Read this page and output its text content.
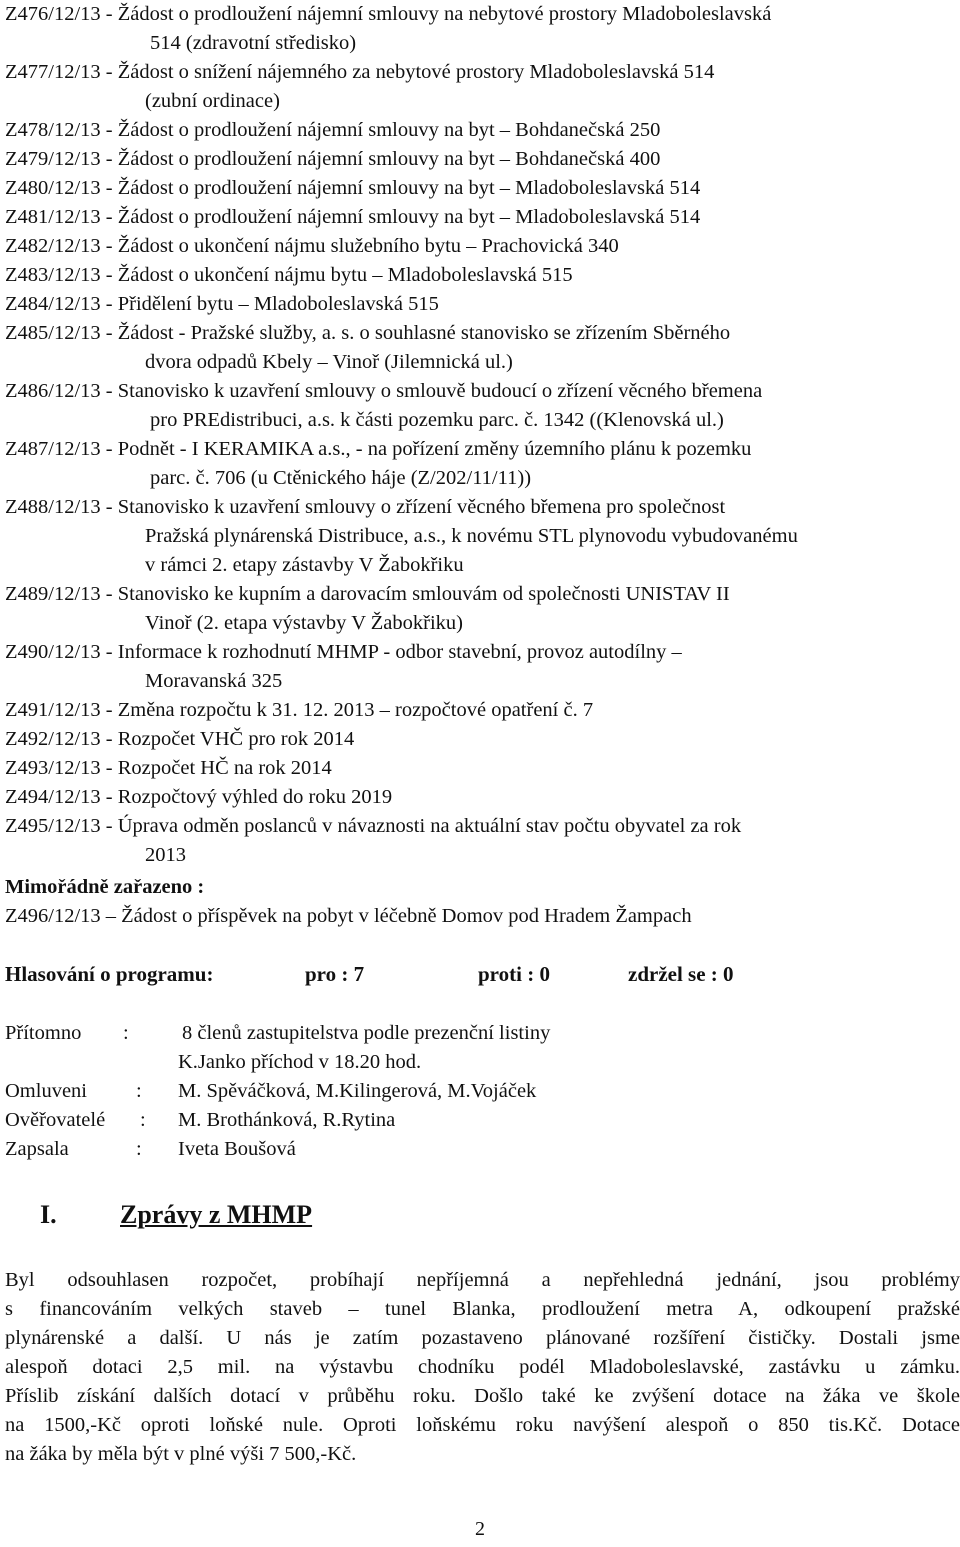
Z476/12/13 - Žádost o prodloužení nájemní smlouvy na nebytové prostory Mladoboleslavská
514 (zdravotní středisko)
Z477/12/13 - Žádost o snížení nájemného za nebytové prostory Mladoboleslavská 514
(zubní ordinace)
Z478/12/13 - Žádost o prodloužení nájemní smlouvy na byt – Bohdanečská 250
Z479/12/13 - Žádost o prodloužení nájemní smlouvy na byt – Bohdanečská 400
Z480/12/13 - Žádost o prodloužení nájemní smlouvy na byt – Mladoboleslavská 514
Z481/12/13 - Žádost o prodloužení nájemní smlouvy na byt – Mladoboleslavská 514
Z482/12/13 - Žádost o ukončení nájmu služebního bytu – Prachovická 340
Z483/12/13 - Žádost o ukončení nájmu bytu – Mladoboleslavská 515
Z484/12/13 - Přidělení bytu – Mladoboleslavská 515
Z485/12/13 - Žádost - Pražské služby, a. s. o souhlasné stanovisko se zřízením Sběrného
dvora odpadů Kbely – Vinoř (Jilemnická ul.)
Z486/12/13 - Stanovisko k uzavření smlouvy o smlouvě budoucí o zřízení věcného břemena
pro PREdistribuci, a.s. k části pozemku parc. č. 1342 ((Klenovská ul.)
Z487/12/13 - Podnět - I KERAMIKA a.s., - na pořízení změny územního plánu k pozemku
parc. č. 706 (u Ctěnického háje (Z/202/11/11))
Z488/12/13 - Stanovisko k uzavření smlouvy o zřízení věcného břemena pro společnost
Pražská plynárenská Distribuce, a.s., k novému STL plynovodu vybudovanému
v rámci 2. etapy zástavby V Žabokřiku
Z489/12/13 - Stanovisko ke kupním a darovacím smlouvám od společnosti UNISTAV II
Vinoř (2. etapa výstavby V Žabokřiku)
Z490/12/13 - Informace k rozhodnutí MHMP - odbor stavební, provoz autodílny –
Moravanská 325
Z491/12/13 - Změna rozpočtu k 31. 12. 2013 – rozpočtové opatření č. 7
Z492/12/13 - Rozpočet VHČ pro rok 2014
Z493/12/13 - Rozpočet HČ na rok 2014
Z494/12/13 - Rozpočtový výhled do roku 2019
Z495/12/13 - Úprava odměn poslanců v návaznosti na aktuální stav počtu obyvatel za rok
2013
Mimořádně zařazeno :
Z496/12/13 – Žádost o příspěvek na pobyt v léčebně Domov pod Hradem Žampach
Hlasování o programu:	pro : 7	proti : 0	zdržel se : 0
Přítomno :	8 členů zastupitelstva podle prezenční listiny
K.Janko příchod v 18.20 hod.
Omluveni : M. Spěváčková, M.Kilingerová, M.Vojáček
Ověřovatelé : M. Brothánková, R.Rytina
Zapsala	: Iveta Boušová
I. Zprávy z MHMP
Byl odsouhlasen rozpočet, probíhají nepříjemná a nepřehledná jednání, jsou problémy
s financováním velkých staveb – tunel Blanka, prodloužení metra A, odkoupení pražské
plynárenské a další. U nás je zatím pozastaveno plánované rozšíření čističky. Dostali jsme
alespoň dotaci 2,5 mil. na výstavbu chodníku podél Mladoboleslavské, zastávku u zámku.
Příslib získání dalších dotací v průběhu roku. Došlo také ke zvýšení dotace na žáka ve škole
na 1500,-Kč oproti loňské nule. Oproti loňskému roku navýšení alespoň o 850 tis.Kč. Dotace
na žáka by měla být v plné výši 7 500,-Kč.
2
